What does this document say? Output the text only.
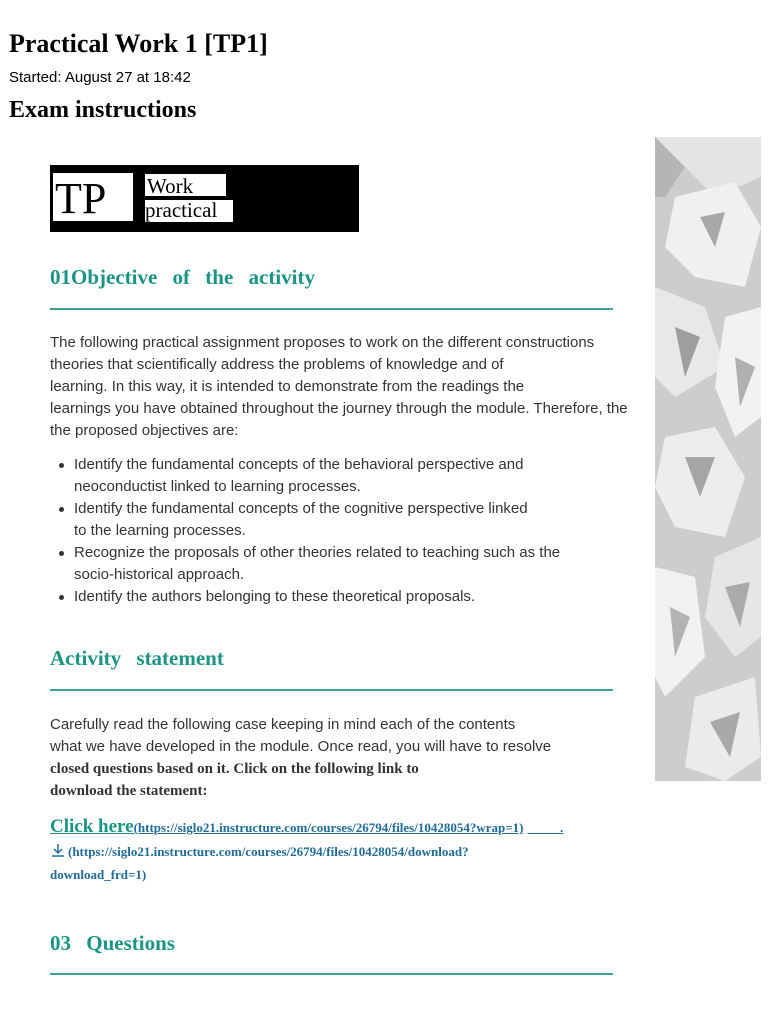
Practical Work 1 [TP1]
Started: August 27 at 18:42
Exam instructions
TP	Work
practical
01Objective of the activity
The following practical assignment proposes to work on the different constructions
theories that scientifically address the problems of knowledge and of
learning. In this way, it is intended to demonstrate from the readings the
learnings you have obtained throughout the journey through the module. Therefore, the
the proposed objectives are:
Identify the fundamental concepts of the behavioral perspective and
neoconductist linked to learning processes.
Identify the fundamental concepts of the cognitive perspective linked
to the learning processes.
Recognize the proposals of other theories related to teaching such as the
socio-historical approach.
Identify the authors belonging to these theoretical proposals.
Activity statement
Carefully read the following case keeping in mind each of the contents
what we have developed in the module. Once read, you will have to resolve
closed questions based on it. Click on the following link to
download the statement:
Click here(https://siglo21.instructure.com/courses/26794/files/10428054?wrap=1) __ __ .
(https://siglo21.instructure.com/courses/26794/files/10428054/download?
download_frd=1)
03 Questions
